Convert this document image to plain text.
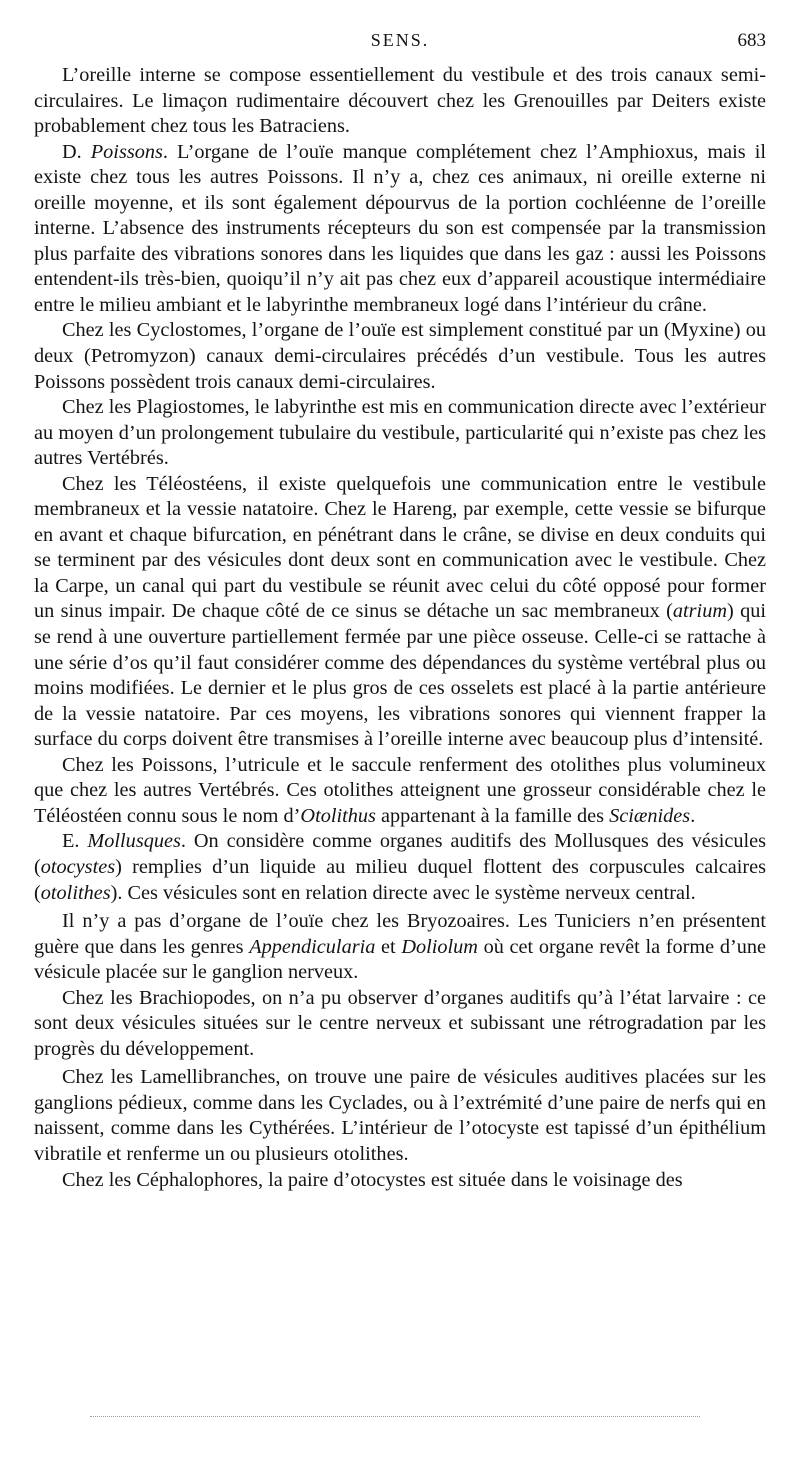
SENS.	683

L’oreille interne se compose essentiellement du vestibule et des trois canaux semi-circulaires. Le limaçon rudimentaire découvert chez les Grenouilles par Deiters existe probablement chez tous les Batraciens.

D. Poissons. L’organe de l’ouïe manque complétement chez l’Amphioxus, mais il existe chez tous les autres Poissons. Il n’y a, chez ces animaux, ni oreille externe ni oreille moyenne, et ils sont également dépourvus de la portion cochléenne de l’oreille interne. L’absence des instruments récepteurs du son est compensée par la transmission plus parfaite des vibrations sonores dans les liquides que dans les gaz : aussi les Poissons entendent-ils très-bien, quoiqu’il n’y ait pas chez eux d’appareil acoustique intermédiaire entre le milieu ambiant et le labyrinthe membraneux logé dans l’intérieur du crâne.

Chez les Cyclostomes, l’organe de l’ouïe est simplement constitué par un (Myxine) ou deux (Petromyzon) canaux demi-circulaires précédés d’un vestibule. Tous les autres Poissons possèdent trois canaux demi-circulaires.

Chez les Plagiostomes, le labyrinthe est mis en communication directe avec l’extérieur au moyen d’un prolongement tubulaire du vestibule, particularité qui n’existe pas chez les autres Vertébrés.

Chez les Téléostéens, il existe quelquefois une communication entre le vestibule membraneux et la vessie natatoire. Chez le Hareng, par exemple, cette vessie se bifurque en avant et chaque bifurcation, en pénétrant dans le crâne, se divise en deux conduits qui se terminent par des vésicules dont deux sont en communication avec le vestibule. Chez la Carpe, un canal qui part du vestibule se réunit avec celui du côté opposé pour former un sinus impair. De chaque côté de ce sinus se détache un sac membraneux (atrium) qui se rend à une ouverture partiellement fermée par une pièce osseuse. Celle-ci se rattache à une série d’os qu’il faut considérer comme des dépendances du système vertébral plus ou moins modifiées. Le dernier et le plus gros de ces osselets est placé à la partie antérieure de la vessie natatoire. Par ces moyens, les vibrations sonores qui viennent frapper la surface du corps doivent être transmises à l’oreille interne avec beaucoup plus d’intensité.

Chez les Poissons, l’utricule et le saccule renferment des otolithes plus volumineux que chez les autres Vertébrés. Ces otolithes atteignent une grosseur considérable chez le Téléostéen connu sous le nom d’Otolithus appartenant à la famille des Sciænides.

E. Mollusques. On considère comme organes auditifs des Mollusques des vésicules (otocystes) remplies d’un liquide au milieu duquel flottent des corpuscules calcaires (otolithes). Ces vésicules sont en relation directe avec le système nerveux central.

Il n’y a pas d’organe de l’ouïe chez les Bryozoaires. Les Tuniciers n’en présentent guère que dans les genres Appendicularia et Doliolum où cet organe revêt la forme d’une vésicule placée sur le ganglion nerveux.

Chez les Brachiopodes, on n’a pu observer d’organes auditifs qu’à l’état larvaire : ce sont deux vésicules situées sur le centre nerveux et subissant une rétrogradation par les progrès du développement.

Chez les Lamellibranches, on trouve une paire de vésicules auditives placées sur les ganglions pédieux, comme dans les Cyclades, ou à l’extrémité d’une paire de nerfs qui en naissent, comme dans les Cythérées. L’intérieur de l’otocyste est tapissé d’un épithélium vibratile et renferme un ou plusieurs otolithes.

Chez les Céphalophores, la paire d’otocystes est située dans le voisinage des
